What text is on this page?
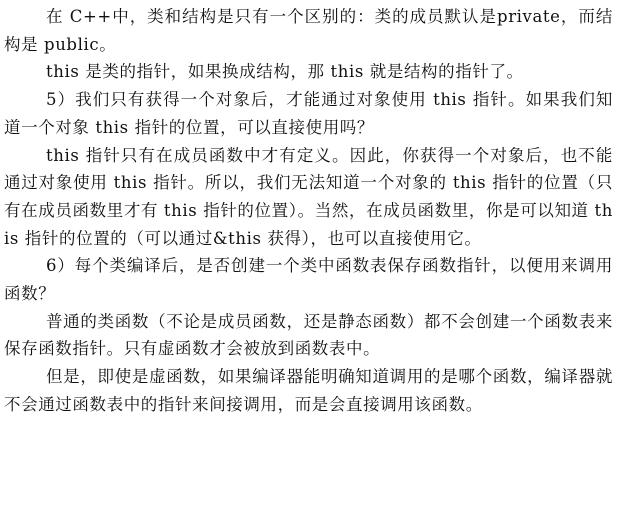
在 C++中，类和结构是只有一个区别的：类的成员默认是private，而结构是 public。

this 是类的指针，如果换成结构，那 this 就是结构的指针了。

5）我们只有获得一个对象后，才能通过对象使用 this 指针。如果我们知道一个对象 this 指针的位置，可以直接使用吗？

this 指针只有在成员函数中才有定义。因此，你获得一个对象后，也不能通过对象使用 this 指针。所以，我们无法知道一个对象的 this 指针的位置（只有在成员函数里才有 this 指针的位置）。当然，在成员函数里，你是可以知道 this 指针的位置的（可以通过&this 获得），也可以直接使用它。

6）每个类编译后，是否创建一个类中函数表保存函数指针，以便用来调用函数？

普通的类函数（不论是成员函数，还是静态函数）都不会创建一个函数表来保存函数指针。只有虚函数才会被放到函数表中。

但是，即使是虚函数，如果编译器能明确知道调用的是哪个函数，编译器就不会通过函数表中的指针来间接调用，而是会直接调用该函数。
